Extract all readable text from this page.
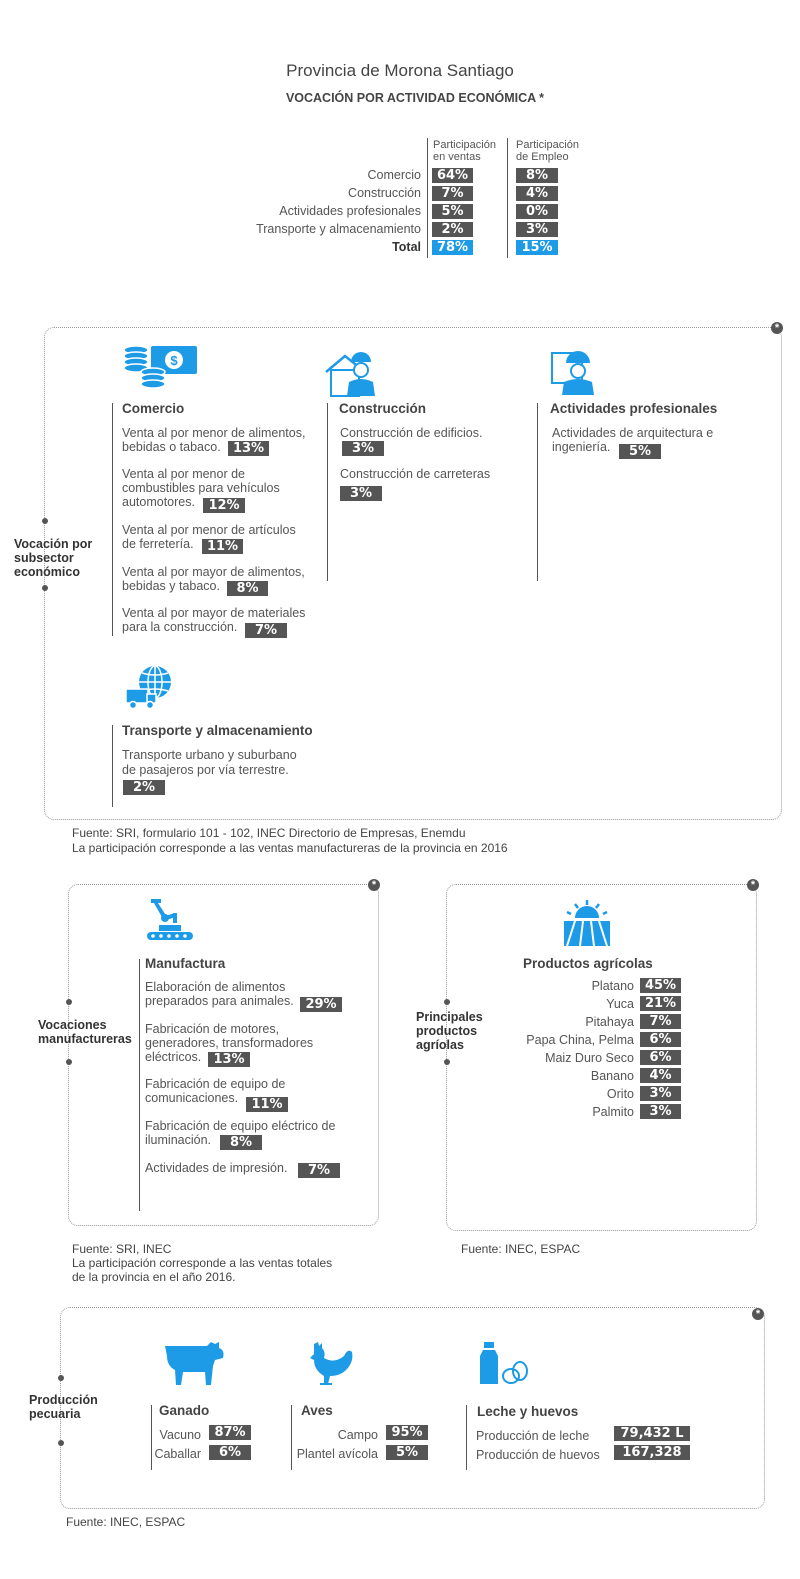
Provincia de Morona Santiago
VOCACIÓN POR ACTIVIDAD ECONÓMICA *
Participación
en ventas
Participación
de Empleo
Comercio	64%	8%
Construcción	7%	4%
Actividades profesionales	5%	0%
Transporte y almacenamiento	2%	3%
Total	78%	15%
*
Vocación por
subsector
económico
$
Comercio
Venta al por menor de alimentos,
bebidas o tabaco. 13%
Venta al por menor de
combustibles para vehículos
automotores.	12%
Venta al por menor de artículos
de ferretería.	11%
Venta al por mayor de alimentos,
bebidas y tabaco.	8%
Venta al por mayor de materiales
para la construcción.	7%
Construcción
Construcción de edificios.
3%
Construcción de carreteras
3%
Actividades profesionales
Actividades de arquitectura e
ingeniería.	5%
Transporte y almacenamiento
Transporte urbano y suburbano
de pasajeros por vía terrestre.
2%
Fuente: SRI, formulario 101 - 102, INEC Directorio de Empresas, Enemdu
La participación corresponde a las ventas manufactureras de la provincia en 2016
*
Vocaciones
manufactureras
Manufactura
Elaboración de alimentos
preparados para animales. 29%
Fabricación de motores,
generadores, transformadores
eléctricos. 13%
Fabricación de equipo de
comunicaciones.	11%
Fabricación de equipo eléctrico de
iluminación.	8%
Actividades de impresión.	7%
Fuente: SRI, INEC
La participación corresponde a las ventas totales
de la provincia en el año 2016.
*
Principales
productos
agríolas
Productos agrícolas
Platano 45%
Yuca 21%
Pitahaya	7%
Papa China, Pelma	6%
Maiz Duro Seco	6%
Banano	4%
Orito	3%
Palmito	3%
Fuente: INEC, ESPAC
*
Producción
pecuaria	Ganado
Vacuno	87%
Caballar	6%
Aves
Campo	95%
Plantel avícola	5%
Leche y huevos
Producción de leche	79,432 L
Producción de huevos	167,328
Fuente: INEC, ESPAC
